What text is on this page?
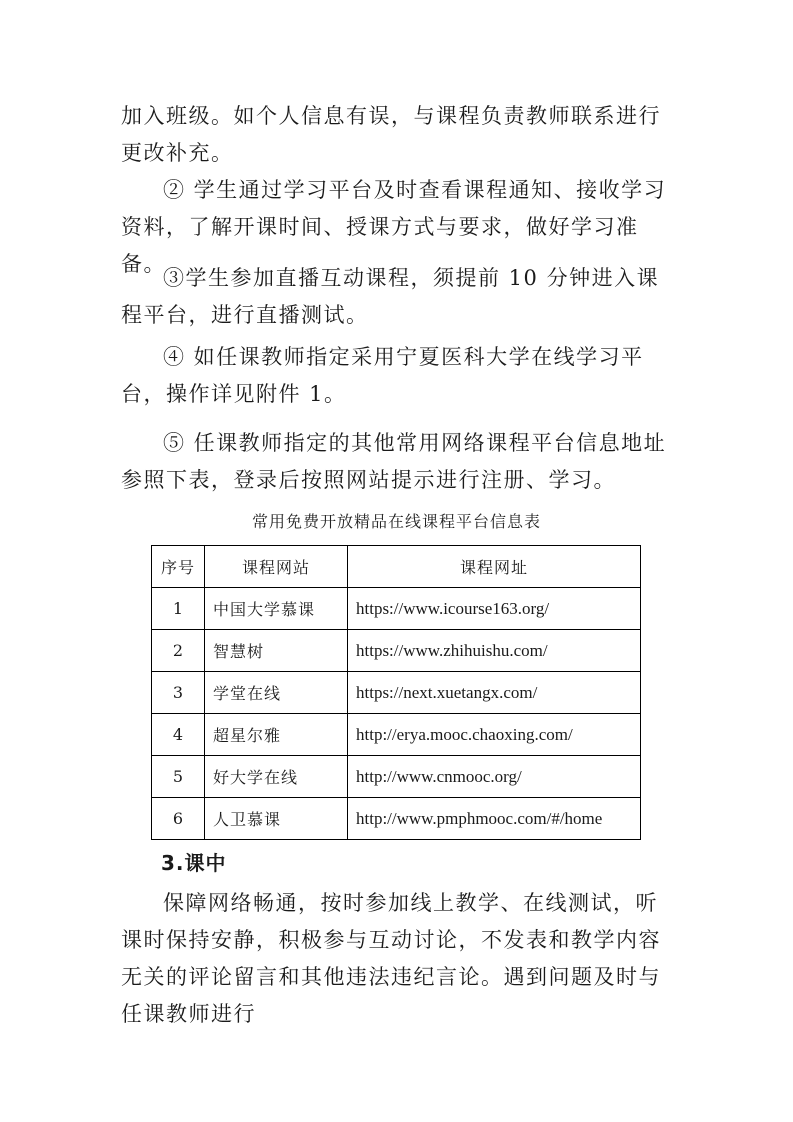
加入班级。如个人信息有误，与课程负责教师联系进行更改补充。

② 学生通过学习平台及时查看课程通知、接收学习资料，了解开课时间、授课方式与要求，做好学习准备。

③学生参加直播互动课程，须提前 10 分钟进入课程平台，进行直播测试。

④ 如任课教师指定采用宁夏医科大学在线学习平台，操作详见附件 1。

⑤ 任课教师指定的其他常用网络课程平台信息地址参照下表，登录后按照网站提示进行注册、学习。

常用免费开放精品在线课程平台信息表
序号	课程网站	课程网址
1	中国大学慕课	https://www.icourse163.org/
2	智慧树	https://www.zhihuishu.com/
3	学堂在线	https://next.xuetangx.com/
4	超星尔雅	http://erya.mooc.chaoxing.com/
5	好大学在线	http://www.cnmooc.org/
6	人卫慕课	http://www.pmphmooc.com/#/home
3.课中

保障网络畅通，按时参加线上教学、在线测试，听课时保持安静，积极参与互动讨论，不发表和教学内容无关的评论留言和其他违法违纪言论。遇到问题及时与任课教师进行
